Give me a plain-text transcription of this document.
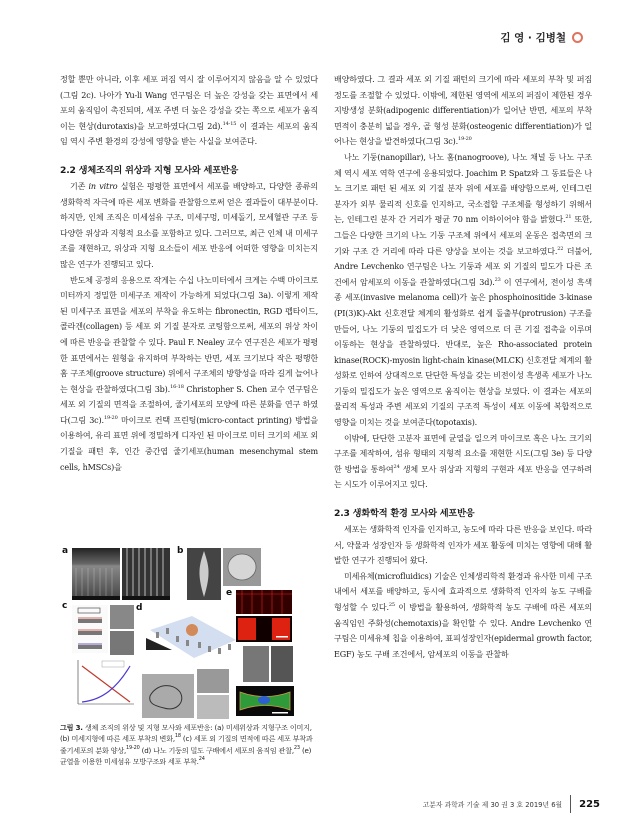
김 영 · 김병철

정할 뿐만 아니라, 이후 세포 퍼짐 역시 잘 이루어지지 않음을 알 수 있었다(그림 2c). 나아가 Yu-li Wang 연구팀은 더 높은 강성을 갖는 표면에서 세포의 움직임이 촉진되며, 세포 주변 더 높은 강성을 갖는 쪽으로 세포가 움직이는 현상(durotaxis)을 보고하였다(그림 2d).$^{14-15}$ 이 결과는 세포의 움직임 역시 주변 환경의 강성에 영향을 받는 사실을 보여준다.

2.2 생체조직의 위상과 지형 모사와 세포반응

기존 in vitro 실험은 평평한 표면에서 세포를 배양하고, 다양한 종류의 생화학적 자극에 따른 세포 변화를 관찰함으로써 얻은 결과들이 대부분이다. 하지만, 인체 조직은 미세섬유 구조, 미세구멍, 미세돌기, 모세혈관 구조 등 다양한 위상과 지형적 요소를 포함하고 있다. 그러므로, 최근 인체 내 미세구조를 재현하고, 위상과 지형 요소들이 세포 반응에 어떠한 영향을 미치는지 많은 연구가 진행되고 있다.

반도체 공정의 응용으로 작게는 수십 나노미터에서 크게는 수백 마이크로미터까지 정밀한 미세구조 제작이 가능하게 되었다(그림 3a). 이렇게 제작된 미세구조 표면을 세포의 부착을 유도하는 fibronectin, RGD 펩타이드, 콜라겐(collagen) 등 세포 외 기질 분자로 코팅함으로써, 세포의 위상 차이에 따른 반응을 관찰할 수 있다. Paul F. Nealey 교수 연구진은 세포가 평평한 표면에서는 원형을 유지하며 부착하는 반면, 세포 크기보다 작은 평행한 홈 구조체(groove structure) 위에서 구조체의 방향성을 따라 길게 늘어나는 현상을 관찰하였다(그림 3b).$^{16-18}$ Christopher S. Chen 교수 연구팀은 세포 외 기질의 면적을 조절하여, 줄기세포의 모양에 따른 분화를 연구 하였다(그림 3c).$^{19-20}$ 마이크로 컨택 프린팅(micro-contact printing) 방법을 이용하여, 유리 표면 위에 정밀하게 디자인 된 마이크로 미터 크기의 세포 외 기질을 패턴 후, 인간 중간엽 줄기세포(human mesenchymal stem cells, hMSCs)을

a	b
c	d
e
그림 3. 생체 조직의 위상 및 지형 모사와 세포반응: (a) 미세위상과 지형구조 이미지, (b) 미세지형에 따른 세포 부착의 변화,$^{18}$ (c) 세포 외 기질의 면적에 따른 세포 부착과 줄기세포의 분화 양상,$^{19-20}$ (d) 나노 기둥의 밀도 구배에서 세포의 움직임 관찰,$^{23}$ (e) 균열을 이용한 미세섬유 모방구조와 세포 부착.$^{24}$

배양하였다. 그 결과 세포 외 기질 패턴의 크기에 따라 세포의 부착 및 퍼짐 정도를 조절할 수 있었다. 이밖에, 제한된 영역에 세포의 퍼짐이 제한된 경우 지방생성 분화(adipogenic differentiation)가 일어난 반면, 세포의 부착 면적이 충분히 넓을 경우, 골 형성 분화(osteogenic differentiation)가 일어나는 현상을 발견하였다(그림 3c).$^{19-20}$

나노 기둥(nanopillar), 나노 홈(nanogroove), 나노 채널 등 나노 구조체 역시 세포 역학 연구에 응용되었다. Joachim P. Spatz와 그 동료들은 나노 크기로 패턴 된 세포 외 기질 분자 위에 세포를 배양함으로써, 인테그린 분자가 외부 물리적 신호를 인지하고, 국소접합 구조체를 형성하기 위해서는, 인테그린 분자 간 거리가 평균 70 nm 이하이어야 함을 밝혔다.$^{21}$ 또한, 그들은 다양한 크기의 나노 기둥 구조체 위에서 세포의 운동은 접촉면의 크기와 구조 간 거리에 따라 다른 양상을 보이는 것을 보고하였다.$^{22}$ 더불어, Andre Levchenko 연구팀은 나노 기둥과 세포 외 기질의 밀도가 다른 조건에서 암세포의 이동을 관찰하였다(그림 3d).$^{23}$ 이 연구에서, 전이성 흑색종 세포(invasive melanoma cell)가 높은 phosphoinositide 3-kinase (PI(3)K)-Akt 신호전달 체계의 활성화로 쉽게 돌출부(protrusion) 구조를 만들어, 나노 기둥의 밀집도가 더 낮은 영역으로 더 큰 기질 접촉을 이루며 이동하는 현상을 관찰하였다. 반대로, 높은 Rho-associated protein kinase(ROCK)-myosin light-chain kinase(MLCK) 신호전달 체계의 활성화로 인하여 상대적으로 단단한 특성을 갖는 비전이성 흑생족 세포가 나노 기둥의 밀집도가 높은 영역으로 움직이는 현상을 보였다. 이 결과는 세포의 물리적 특성과 주변 세포외 기질의 구조적 특성이 세포 이동에 복합적으로 영향을 미치는 것을 보여준다(topotaxis).

이밖에, 단단한 고분자 표면에 균열을 일으켜 마이크로 혹은 나노 크기의 구조를 제작하여, 섬유 형태의 지형적 요소를 재현한 시도(그림 3e) 등 다양한 방법을 통하여$^{24}$ 생체 모사 위상과 지형의 구현과 세포 반응을 연구하려는 시도가 이루어지고 있다.

2.3 생화학적 환경 모사와 세포반응

세포는 생화학적 인자를 인지하고, 농도에 따라 다른 반응을 보인다. 따라서, 약물과 성장인자 등 생화학적 인자가 세포 활동에 미치는 영향에 대해 활발한 연구가 진행되어 왔다.

미세유체(microfluidics) 기술은 인체생리학적 환경과 유사한 미세 구조 내에서 세포를 배양하고, 동시에 효과적으로 생화학적 인자의 농도 구배를 형성할 수 있다.$^{25}$ 이 방법을 활용하여, 생화학적 농도 구배에 따른 세포의 움직임인 주화성(chemotaxis)을 확인할 수 있다. Andre Levchenko 연구팀은 미세유체 칩을 이용하여, 표피성장인자(epidermal growth factor, EGF) 농도 구배 조건에서, 암세포의 이동을 관찰하

고분자 과학과 기술 제 30 권 3 호 2019년 6월 225
